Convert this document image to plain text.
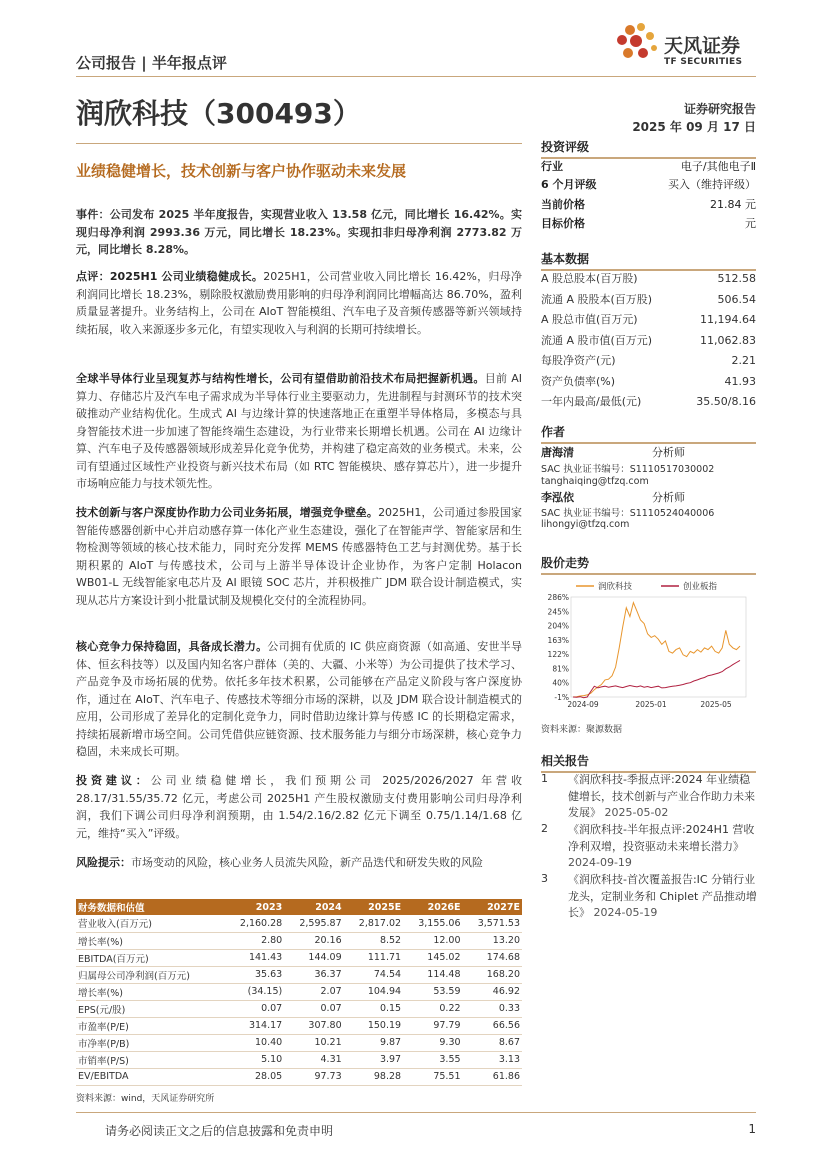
公司报告 | 半年报点评
天风证券
TF SECURITIES
润欣科技（300493）	证券研究报告
2025 年 09 月 17 日
业绩稳健增长，技术创新与客户协作驱动未来发展
事件：公司发布 2025 半年度报告，实现营业收入 13.58 亿元，同比增长 16.42%。实现归母净利润 2993.36 万元，同比增长 18.23%。实现扣非归母净利润 2773.82 万元，同比增长 8.28%。
点评：2025H1 公司业绩稳健成长。2025H1，公司营业收入同比增长 16.42%，归母净利润同比增长 18.23%，剔除股权激励费用影响的归母净利润同比增幅高达 86.70%，盈利质量显著提升。业务结构上，公司在 AIoT 智能模组、汽车电子及音频传感器等新兴领域持续拓展，收入来源逐步多元化，有望实现收入与利润的长期可持续增长。
全球半导体行业呈现复苏与结构性增长，公司有望借助前沿技术布局把握新机遇。目前 AI 算力、存储芯片及汽车电子需求成为半导体行业主要驱动力，先进制程与封测环节的技术突破推动产业结构优化。生成式 AI 与边缘计算的快速落地正在重塑半导体格局，多模态与具身智能技术进一步加速了智能终端生态建设，为行业带来长期增长机遇。公司在 AI 边缘计算、汽车电子及传感器领域形成差异化竞争优势，并构建了稳定高效的业务模式。未来，公司有望通过区域性产业投资与新兴技术布局（如 RTC 智能模块、感存算芯片），进一步提升市场响应能力与技术领先性。
技术创新与客户深度协作助力公司业务拓展，增强竞争壁垒。2025H1，公司通过参股国家智能传感器创新中心并启动感存算一体化产业生态建设，强化了在智能声学、智能家居和生物检测等领域的核心技术能力，同时充分发挥 MEMS 传感器特色工艺与封测优势。基于长期积累的 AIoT 与传感技术，公司与上游半导体设计企业协作，为客户定制 Holacon WB01-L 无线智能家电芯片及 AI 眼镜 SOC 芯片，并积极推广 JDM 联合设计制造模式，实现从芯片方案设计到小批量试制及规模化交付的全流程协同。
核心竞争力保持稳固，具备成长潜力。公司拥有优质的 IC 供应商资源（如高通、安世半导体、恒玄科技等）以及国内知名客户群体（美的、大疆、小米等）为公司提供了技术学习、产品竞争及市场拓展的优势。依托多年技术积累，公司能够在产品定义阶段与客户深度协作，通过在 AIoT、汽车电子、传感技术等细分市场的深耕，以及 JDM 联合设计制造模式的应用，公司形成了差异化的定制化竞争力，同时借助边缘计算与传感 IC 的长期稳定需求，持续拓展新增市场空间。公司凭借供应链资源、技术服务能力与细分市场深耕，核心竞争力稳固，未来成长可期。
投资建议：公司业绩稳健增长，我们预期公司 2025/2026/2027 年营收 28.17/31.55/35.72 亿元，考虑公司 2025H1 产生股权激励支付费用影响公司归母净利润，我们下调公司归母净利润预期，由 1.54/2.16/2.82 亿元下调至 0.75/1.14/1.68 亿元，维持“买入”评级。
风险提示：市场变动的风险，核心业务人员流失风险，新产品迭代和研发失败的风险
财务数据和估值	2023	2024	2025E	2026E	2027E
营业收入(百万元)	2,160.28	2,595.87	2,817.02	3,155.06	3,571.53
增长率(%)	2.80	20.16	8.52	12.00	13.20
EBITDA(百万元)	141.43	144.09	111.71	145.02	174.68
归属母公司净利润(百万元)	35.63	36.37	74.54	114.48	168.20
增长率(%)	(34.15)	2.07	104.94	53.59	46.92
EPS(元/股)	0.07	0.07	0.15	0.22	0.33
市盈率(P/E)	314.17	307.80	150.19	97.79	66.56
市净率(P/B)	10.40	10.21	9.87	9.30	8.67
市销率(P/S)	5.10	4.31	3.97	3.55	3.13
EV/EBITDA	28.05	97.73	98.28	75.51	61.86
资料来源：wind，天风证券研究所
投资评级
行业	电子/其他电子Ⅱ
6 个月评级	买入（维持评级）
当前价格	21.84 元
目标价格	元
基本数据
A 股总股本(百万股)	512.58
流通 A 股股本(百万股)	506.54
A 股总市值(百万元)	11,194.64
流通 A 股市值(百万元)	11,062.83
每股净资产(元)	2.21
资产负债率(%)	41.93
一年内最高/最低(元)	35.50/8.16
作者
唐海清	分析师
SAC 执业证书编号：S1110517030002
tanghaiqing@tfzq.com
李泓依	分析师
SAC 执业证书编号：S1110524040006
lihongyi@tfzq.com
股价走势
286%
245%
204%
163%
122%
81%
40%
-1%
2024-09	2025-01	2025-05
润欣科技	创业板指
资料来源：聚源数据
相关报告
1 《润欣科技-季报点评:2024 年业绩稳健增长，技术创新与产业合作助力未来发展》 2025-05-02
2 《润欣科技-半年报点评:2024H1 营收净利双增，投资驱动未来增长潜力》 2024-09-19
3 《润欣科技-首次覆盖报告:IC 分销行业龙头，定制业务和 Chiplet 产品推动增长》 2024-05-19
请务必阅读正文之后的信息披露和免责申明	1
